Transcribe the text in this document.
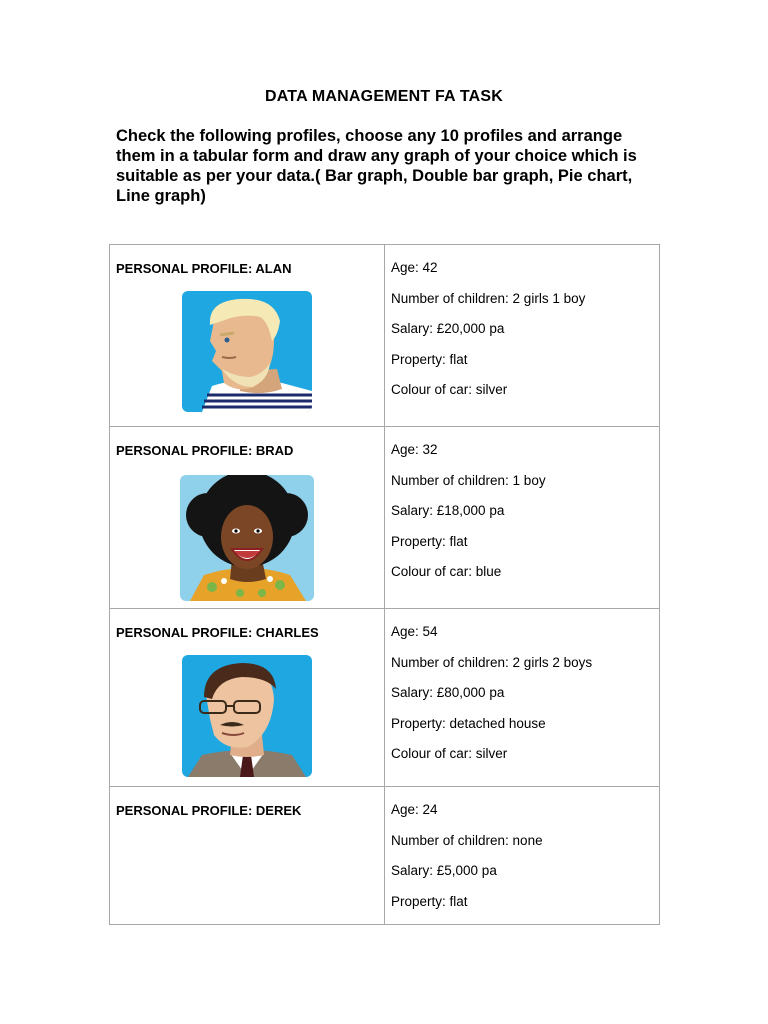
DATA MANAGEMENT FA TASK
Check the following profiles, choose any 10 profiles and arrange them in a tabular form and draw any graph of your choice which is suitable as per your data.( Bar graph, Double bar graph, Pie chart, Line graph)
PERSONAL PROFILE: ALAN	Age: 42
Number of children: 2 girls 1 boy
Salary: £20,000 pa
Property: flat
Colour of car: silver

PERSONAL PROFILE: BRAD	Age: 32
Number of children: 1 boy
Salary: £18,000 pa
Property: flat
Colour of car: blue

PERSONAL PROFILE: CHARLES	Age: 54
Number of children: 2 girls 2 boys
Salary: £80,000 pa
Property: detached house
Colour of car: silver

PERSONAL PROFILE: DEREK	Age: 24
Number of children: none
Salary: £5,000 pa
Property: flat
